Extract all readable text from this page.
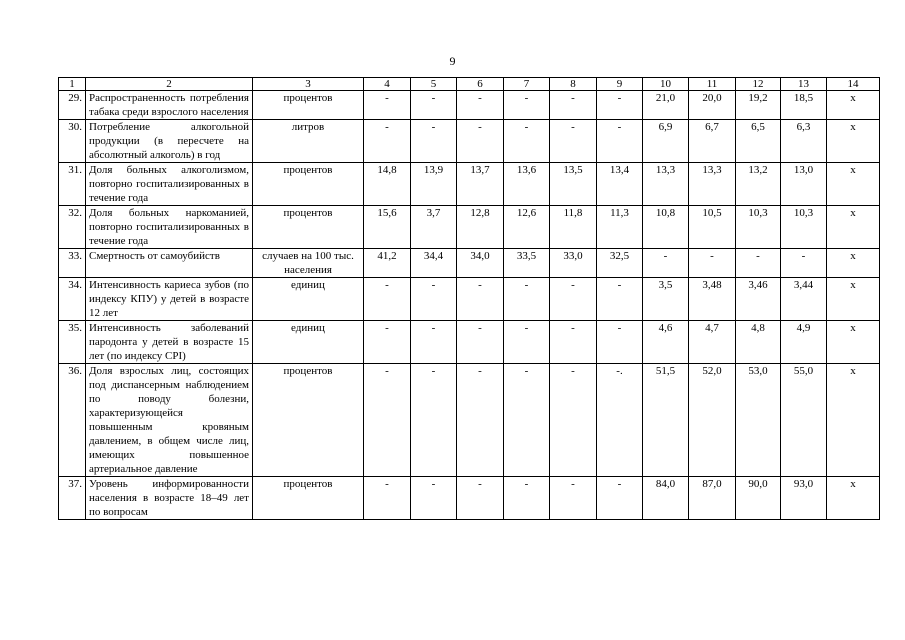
9
1	2	3	4	5	6	7	8	9	10	11	12	13	14
29.	Распространенность потребления табака среди взрослого населения	процентов	-	-	-	-	-	-	21,0	20,0	19,2	18,5	х
30.	Потребление алкогольной продукции (в пересчете на абсолютный алкоголь) в год	литров	-	-	-	-	-	-	6,9	6,7	6,5	6,3	х
31.	Доля больных алкоголизмом, повторно госпитализированных в течение года	процентов	14,8	13,9	13,7	13,6	13,5	13,4	13,3	13,3	13,2	13,0	х
32.	Доля больных наркоманией, повторно госпитализированных в течение года	процентов	15,6	3,7	12,8	12,6	11,8	11,3	10,8	10,5	10,3	10,3	х
33.	Смертность от самоубийств	случаев на 100 тыс. населения	41,2	34,4	34,0	33,5	33,0	32,5	-	-	-	-	х
34.	Интенсивность кариеса зубов (по индексу КПУ) у детей в возрасте 12 лет	единиц	-	-	-	-	-	-	3,5	3,48	3,46	3,44	х
35.	Интенсивность заболеваний пародонта у детей в возрасте 15 лет (по индексу CPI)	единиц	-	-	-	-	-	-	4,6	4,7	4,8	4,9	х
36.	Доля взрослых лиц, состоящих под диспансерным наблюдением по поводу болезни, характеризующейся повышенным кровяным давлением, в общем числе лиц, имеющих повышенное артериальное давление	процентов	-	-	-	-	-	-.	51,5	52,0	53,0	55,0	х
37.	Уровень информированности населения в возрасте 18–49 лет по вопросам	процентов	-	-	-	-	-	-	84,0	87,0	90,0	93,0	х
